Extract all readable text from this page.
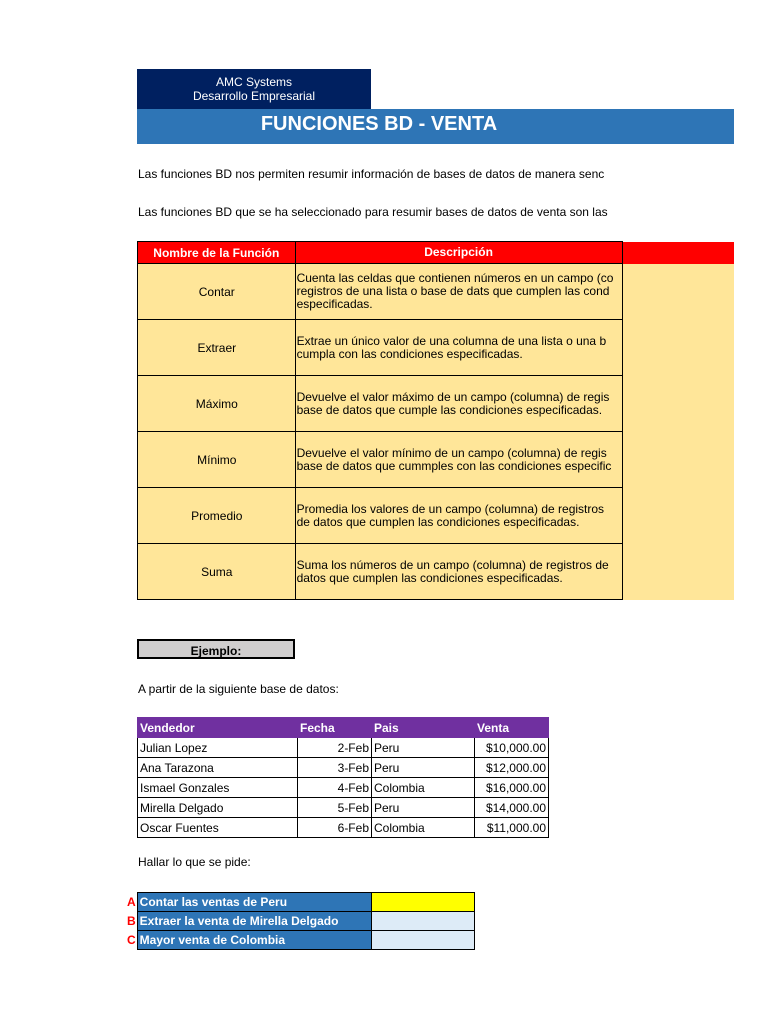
AMC Systems
Desarrollo Empresarial
FUNCIONES BD - VENTA
Las funciones BD nos permiten resumir información de bases de datos de manera senc
Las funciones BD que se ha seleccionado para resumir bases de datos de venta son las
Nombre de la Función	Descripción	
Contar	Cuenta las celdas que contienen números en un campo (co
registros de una lista o base de dats que cumplen las cond
especificadas.	

Extraer	Extrae un único valor de una columna de una lista o una b
cumpla con las condiciones especificadas.	

Máximo	Devuelve el valor máximo de un campo (columna) de regis
base de datos que cumple las condiciones especificadas.	

Mínimo	Devuelve el valor mínimo de un campo (columna) de regis
base de datos que cummples con las condiciones especific	

Promedio	Promedia los valores de un campo (columna) de registros
de datos que cumplen las condiciones especificadas.	

Suma	Suma los números de un campo (columna) de registros de
datos que cumplen las condiciones especificadas.	

Ejemplo:
A partir de la siguiente base de datos:
Vendedor	Fecha	Pais	Venta
Julian Lopez	2-Feb	Peru	$10,000.00
Ana Tarazona	3-Feb	Peru	$12,000.00
Ismael Gonzales	4-Feb	Colombia	$16,000.00
Mirella Delgado	5-Feb	Peru	$14,000.00
Oscar Fuentes	6-Feb	Colombia	$11,000.00
Hallar lo que se pide:
A	Contar las ventas de Peru	
B	Extraer la venta de Mirella Delgado	
C	Mayor venta de Colombia	
